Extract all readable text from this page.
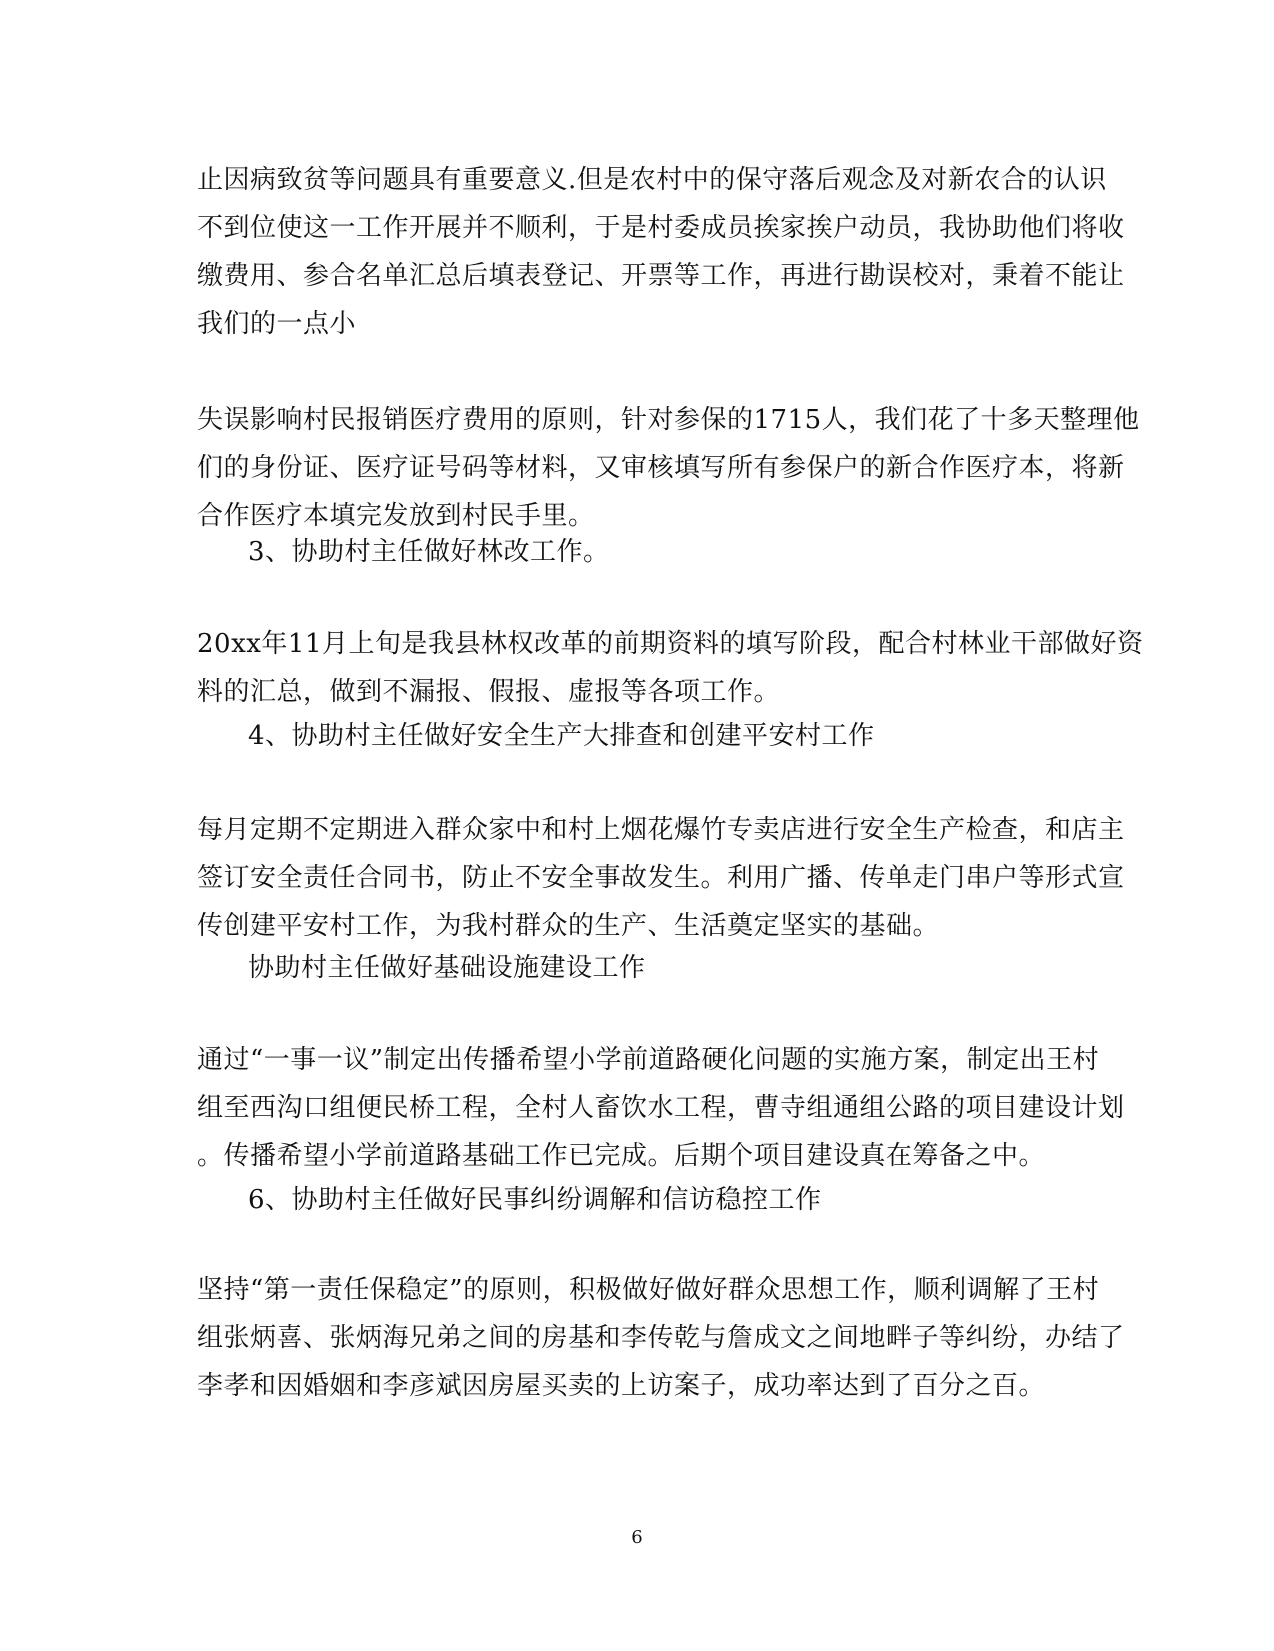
止因病致贫等问题具有重要意义.但是农村中的保守落后观念及对新农合的认识
不到位使这一工作开展并不顺利，于是村委成员挨家挨户动员，我协助他们将收
缴费用、参合名单汇总后填表登记、开票等工作，再进行勘误校对，秉着不能让
我们的一点小
失误影响村民报销医疗费用的原则，针对参保的1715人，我们花了十多天整理他
们的身份证、医疗证号码等材料，又审核填写所有参保户的新合作医疗本，将新
合作医疗本填完发放到村民手里。
3、协助村主任做好林改工作。
20xx年11月上旬是我县林权改革的前期资料的填写阶段，配合村林业干部做好资
料的汇总，做到不漏报、假报、虚报等各项工作。
4、协助村主任做好安全生产大排查和创建平安村工作
每月定期不定期进入群众家中和村上烟花爆竹专卖店进行安全生产检查，和店主
签订安全责任合同书，防止不安全事故发生。利用广播、传单走门串户等形式宣
传创建平安村工作，为我村群众的生产、生活奠定坚实的基础。
协助村主任做好基础设施建设工作
通过“一事一议”制定出传播希望小学前道路硬化问题的实施方案，制定出王村
组至西沟口组便民桥工程，全村人畜饮水工程，曹寺组通组公路的项目建设计划
。传播希望小学前道路基础工作已完成。后期个项目建设真在筹备之中。
6、协助村主任做好民事纠纷调解和信访稳控工作
坚持“第一责任保稳定”的原则，积极做好做好群众思想工作，顺利调解了王村
组张炳喜、张炳海兄弟之间的房基和李传乾与詹成文之间地畔子等纠纷，办结了
李孝和因婚姻和李彦斌因房屋买卖的上访案子，成功率达到了百分之百。
6
